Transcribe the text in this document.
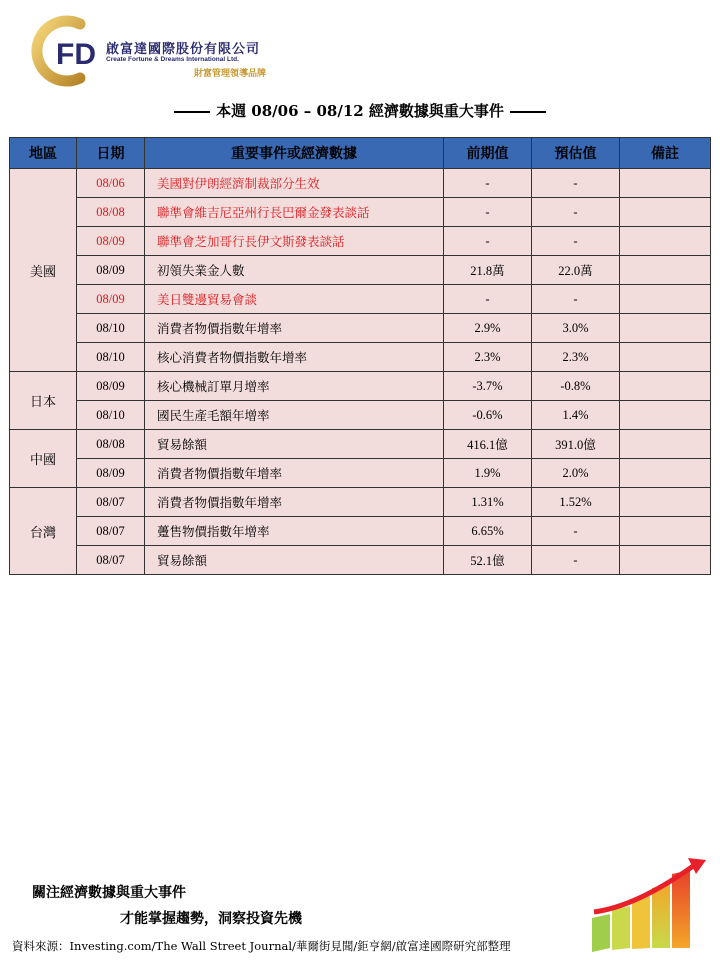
FD 啟富達國際股份有限公司
Create Fortune & Dreams International Ltd.
財富管理領導品牌
本週 08/06 – 08/12 經濟數據與重大事件
地區	日期	重要事件或經濟數據	前期值	預估值	備註
美國	08/06	美國對伊朗經濟制裁部分生效	-	-	
	08/08	聯準會維吉尼亞州行長巴爾金發表談話	-	-	
	08/09	聯準會芝加哥行長伊文斯發表談話	-	-	
	08/09	初領失業金人數	21.8萬	22.0萬	
	08/09	美日雙邊貿易會談	-	-	
	08/10	消費者物價指數年增率	2.9%	3.0%	
	08/10	核心消費者物價指數年增率	2.3%	2.3%	
日本	08/09	核心機械訂單月增率	-3.7%	-0.8%	
	08/10	國民生產毛額年增率	-0.6%	1.4%	
中國	08/08	貿易餘額	416.1億	391.0億	
	08/09	消費者物價指數年增率	1.9%	2.0%	
台灣	08/07	消費者物價指數年增率	1.31%	1.52%	
	08/07	躉售物價指數年增率	6.65%	-	
	08/07	貿易餘額	52.1億	-	
關注經濟數據與重大事件
才能掌握趨勢，洞察投資先機
資料來源：Investing.com/The Wall Street Journal/華爾街見聞/鉅亨網/啟富達國際研究部整理
